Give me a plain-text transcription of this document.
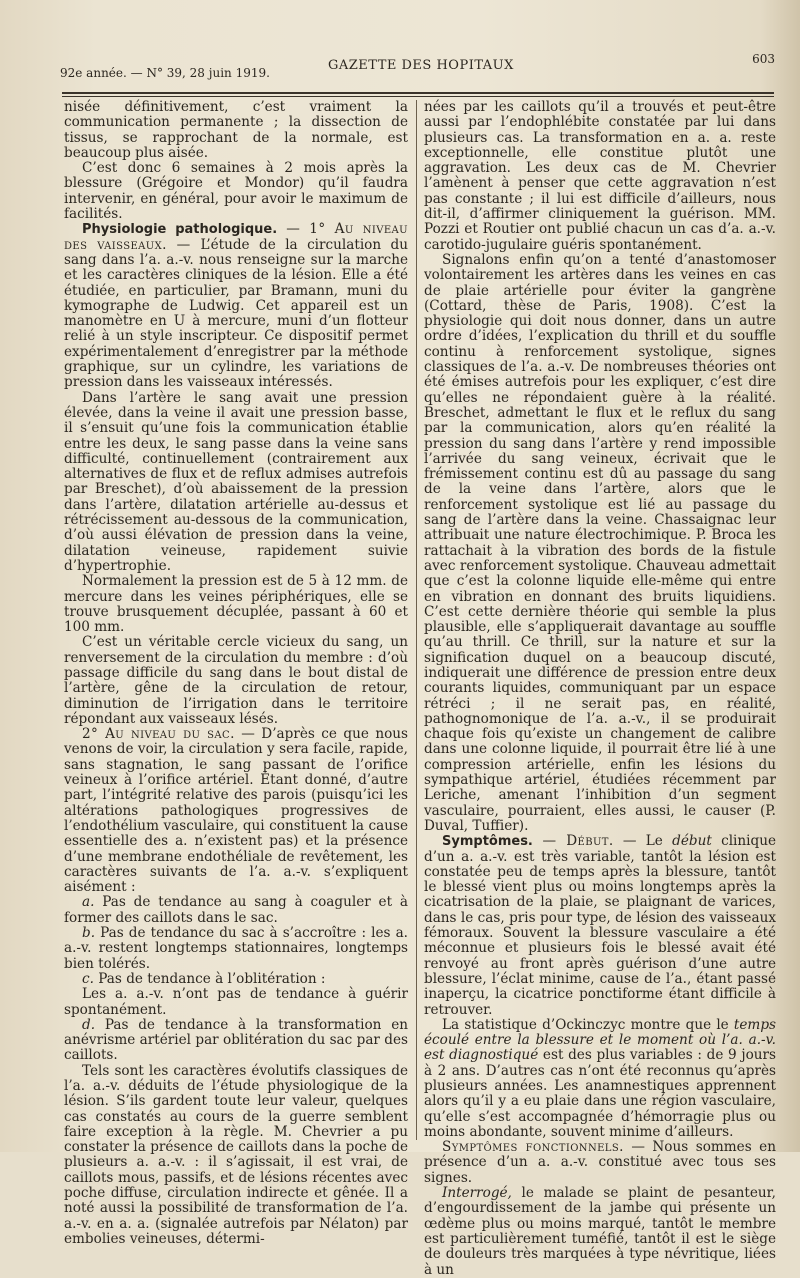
92e année. — N° 39, 28 juin 1919.	GAZETTE DES HOPITAUX	603

nisée définitivement, c’est vraiment la communication permanente ; la dissection de tissus, se rapprochant de la normale, est beaucoup plus aisée.

C’est donc 6 semaines à 2 mois après la blessure (Grégoire et Mondor) qu’il faudra intervenir, en général, pour avoir le maximum de facilités.

Physiologie pathologique. — 1° Au niveau des vaisseaux. — L’étude de la circulation du sang dans l’a. a.-v. nous renseigne sur la marche et les caractères cliniques de la lésion. Elle a été étudiée, en particulier, par Bramann, muni du kymographe de Ludwig. Cet appareil est un manomètre en U à mercure, muni d’un flotteur relié à un style inscripteur. Ce dispositif permet expérimentalement d’enregistrer par la méthode graphique, sur un cylindre, les variations de pression dans les vaisseaux intéressés.

Dans l’artère le sang avait une pression élevée, dans la veine il avait une pression basse, il s’ensuit qu’une fois la communication établie entre les deux, le sang passe dans la veine sans difficulté, continuellement (contrairement aux alternatives de flux et de reflux admises autrefois par Breschet), d’où abaissement de la pression dans l’artère, dilatation artérielle au-dessus et rétrécissement au-dessous de la communication, d’où aussi élévation de pression dans la veine, dilatation veineuse, rapidement suivie d’hypertrophie.

Normalement la pression est de 5 à 12 mm. de mercure dans les veines périphériques, elle se trouve brusquement décuplée, passant à 60 et 100 mm.

C’est un véritable cercle vicieux du sang, un renversement de la circulation du membre : d’où passage difficile du sang dans le bout distal de l’artère, gêne de la circulation de retour, diminution de l’irrigation dans le territoire répondant aux vaisseaux lésés.

2° Au niveau du sac. — D’après ce que nous venons de voir, la circulation y sera facile, rapide, sans stagnation, le sang passant de l’orifice veineux à l’orifice artériel. Étant donné, d’autre part, l’intégrité relative des parois (puisqu’ici les altérations pathologiques progressives de l’endothélium vasculaire, qui constituent la cause essentielle des a. n’existent pas) et la présence d’une membrane endothéliale de revêtement, les caractères suivants de l’a. a.-v. s’expliquent aisément :

a. Pas de tendance au sang à coaguler et à former des caillots dans le sac.

b. Pas de tendance du sac à s’accroître : les a. a.-v. restent longtemps stationnaires, longtemps bien tolérés.

c. Pas de tendance à l’oblitération :

Les a. a.-v. n’ont pas de tendance à guérir spontanément.

d. Pas de tendance à la transformation en anévrisme artériel par oblitération du sac par des caillots.

Tels sont les caractères évolutifs classiques de l’a. a.-v. déduits de l’étude physiologique de la lésion. S’ils gardent toute leur valeur, quelques cas constatés au cours de la guerre semblent faire exception à la règle. M. Chevrier a pu constater la présence de caillots dans la poche de plusieurs a. a.-v. : il s’agissait, il est vrai, de caillots mous, passifs, et de lésions récentes avec poche diffuse, circulation indirecte et gênée. Il a noté aussi la possibilité de transformation de l’a. a.-v. en a. a. (signalée autrefois par Nélaton) par embolies veineuses, détermi-

nées par les caillots qu’il a trouvés et peut-être aussi par l’endophlébite constatée par lui dans plusieurs cas. La transformation en a. a. reste exceptionnelle, elle constitue plutôt une aggravation. Les deux cas de M. Chevrier l’amènent à penser que cette aggravation n’est pas constante ; il lui est difficile d’ailleurs, nous dit-il, d’affirmer cliniquement la guérison. MM. Pozzi et Routier ont publié chacun un cas d’a. a.-v. carotido-jugulaire guéris spontanément.

Signalons enfin qu’on a tenté d’anastomoser volontairement les artères dans les veines en cas de plaie artérielle pour éviter la gangrène (Cottard, thèse de Paris, 1908). C’est la physiologie qui doit nous donner, dans un autre ordre d’idées, l’explication du thrill et du souffle continu à renforcement systolique, signes classiques de l’a. a.-v. De nombreuses théories ont été émises autrefois pour les expliquer, c’est dire qu’elles ne répondaient guère à la réalité. Breschet, admettant le flux et le reflux du sang par la communication, alors qu’en réalité la pression du sang dans l’artère y rend impossible l’arrivée du sang veineux, écrivait que le frémissement continu est dû au passage du sang de la veine dans l’artère, alors que le renforcement systolique est lié au passage du sang de l’artère dans la veine. Chassaignac leur attribuait une nature électrochimique. P. Broca les rattachait à la vibration des bords de la fistule avec renforcement systolique. Chauveau admettait que c’est la colonne liquide elle-même qui entre en vibration en donnant des bruits liquidiens. C’est cette dernière théorie qui semble la plus plausible, elle s’appliquerait davantage au souffle qu’au thrill. Ce thrill, sur la nature et sur la signification duquel on a beaucoup discuté, indiquerait une différence de pression entre deux courants liquides, communiquant par un espace rétréci ; il ne serait pas, en réalité, pathognomonique de l’a. a.-v., il se produirait chaque fois qu’existe un changement de calibre dans une colonne liquide, il pourrait être lié à une compression artérielle, enfin les lésions du sympathique artériel, étudiées récemment par Leriche, amenant l’inhibition d’un segment vasculaire, pourraient, elles aussi, le causer (P. Duval, Tuffier).

Symptômes. — Début. — Le début clinique d’un a. a.-v. est très variable, tantôt la lésion est constatée peu de temps après la blessure, tantôt le blessé vient plus ou moins longtemps après la cicatrisation de la plaie, se plaignant de varices, dans le cas, pris pour type, de lésion des vaisseaux fémoraux. Souvent la blessure vasculaire a été méconnue et plusieurs fois le blessé avait été renvoyé au front après guérison d’une autre blessure, l’éclat minime, cause de l’a., étant passé inaperçu, la cicatrice ponctiforme étant difficile à retrouver.

La statistique d’Ockinczyc montre que le temps écoulé entre la blessure et le moment où l’a. a.-v. est diagnostiqué est des plus variables : de 9 jours à 2 ans. D’autres cas n’ont été reconnus qu’après plusieurs années. Les anamnestiques apprennent alors qu’il y a eu plaie dans une région vasculaire, qu’elle s’est accompagnée d’hémorragie plus ou moins abondante, souvent minime d’ailleurs.

Symptômes fonctionnels. — Nous sommes en présence d’un a. a.-v. constitué avec tous ses signes.

Interrogé, le malade se plaint de pesanteur, d’engourdissement de la jambe qui présente un œdème plus ou moins marqué, tantôt le membre est particulièrement tuméfié, tantôt il est le siège de douleurs très marquées à type névritique, liées à un
